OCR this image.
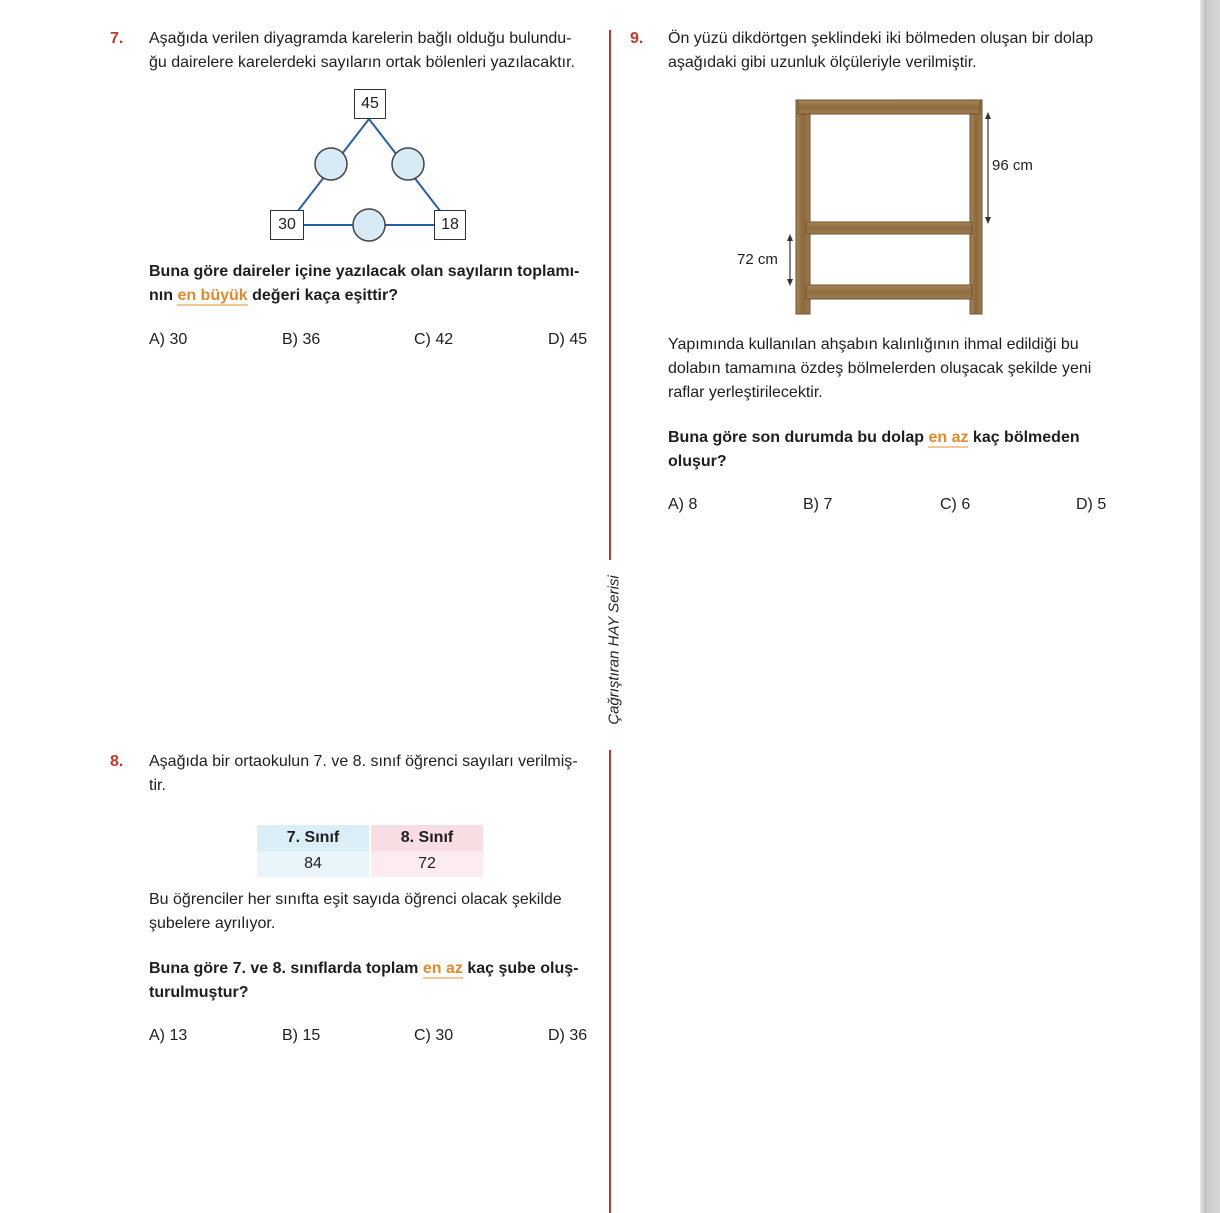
Çağrıştıran HAY Serisi
7. Aşağıda verilen diyagramda karelerin bağlı olduğu bulundu-
ğu dairelere karelerdeki sayıların ortak bölenleri yazılacaktır.

45
30	18

Buna göre daireler içine yazılacak olan sayıların toplamı-
nın en büyük değeri kaça eşittir?

A) 30	B) 36	C) 42	D) 45
8. Aşağıda bir ortaokulun 7. ve 8. sınıf öğrenci sayıları verilmiş-
tir.

7. Sınıf	8. Sınıf
84	72

Bu öğrenciler her sınıfta eşit sayıda öğrenci olacak şekilde
şubelere ayrılıyor.

Buna göre 7. ve 8. sınıflarda toplam en az kaç şube oluş-
turulmuştur?

A) 13	B) 15	C) 30	D) 36
9. Ön yüzü dikdörtgen şeklindeki iki bölmeden oluşan bir dolap
aşağıdaki gibi uzunluk ölçüleriyle verilmiştir.

96 cm
72 cm

Yapımında kullanılan ahşabın kalınlığının ihmal edildiği bu
dolabın tamamına özdeş bölmelerden oluşacak şekilde yeni
raflar yerleştirilecektir.

Buna göre son durumda bu dolap en az kaç bölmeden
oluşur?

A) 8	B) 7	C) 6	D) 5
